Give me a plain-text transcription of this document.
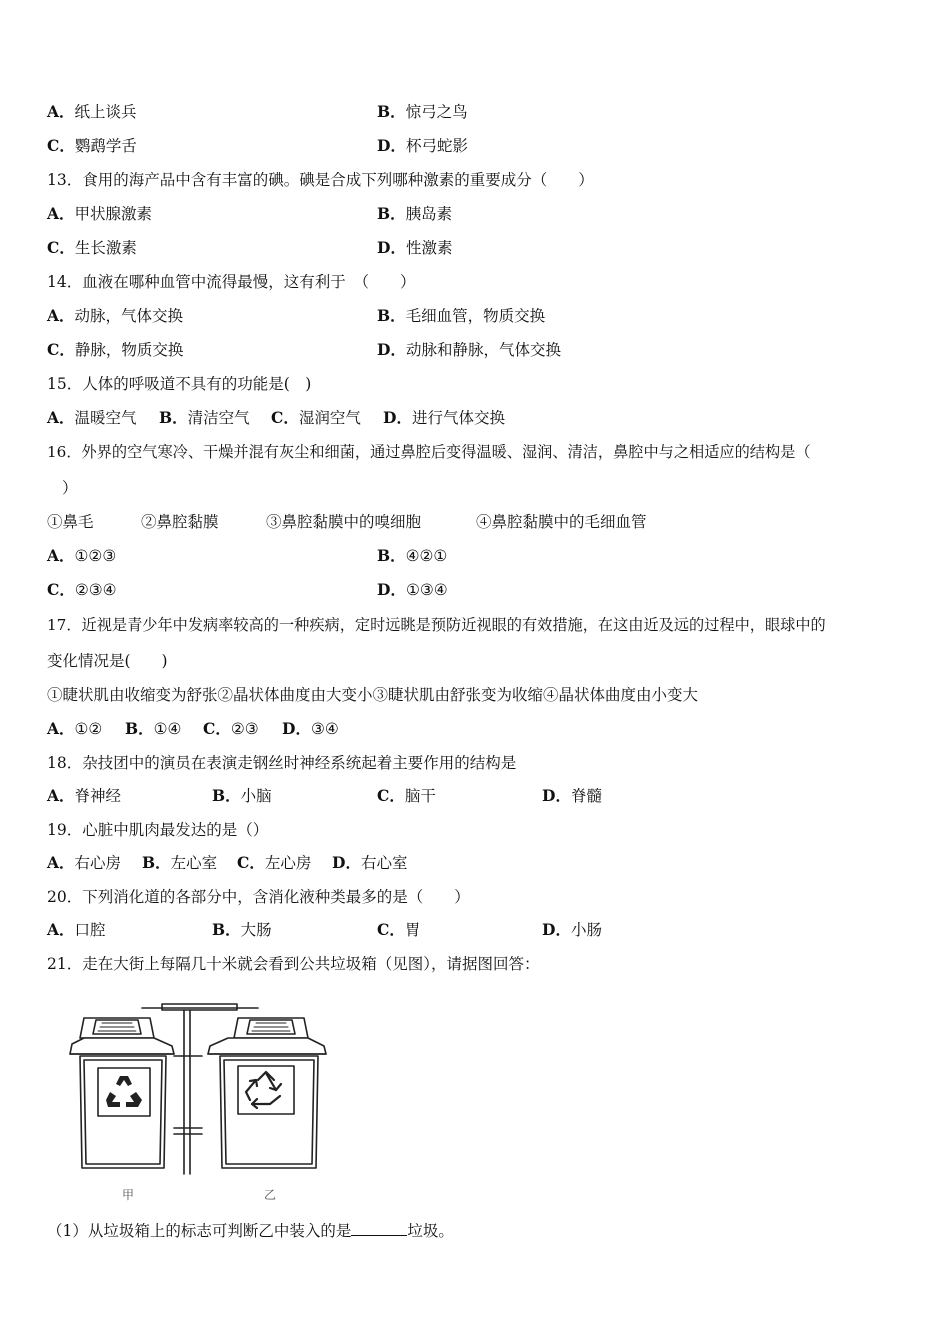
A．纸上谈兵	B．惊弓之鸟
C．鹦鹉学舌	D．杯弓蛇影
13．食用的海产品中含有丰富的碘。碘是合成下列哪种激素的重要成分（　　）
A．甲状腺激素	B．胰岛素
C．生长激素	D．性激素
14．血液在哪种血管中流得最慢，这有利于　（　　）
A．动脉，气体交换	B．毛细血管，物质交换
C．静脉，物质交换	D．动脉和静脉，气体交换
15．人体的呼吸道不具有的功能是(　)
A．温暖空气 B．清洁空气 C．湿润空气 D．进行气体交换
16．外界的空气寒冷、干燥并混有灰尘和细菌，通过鼻腔后变得温暖、湿润、清洁，鼻腔中与之相适应的结构是（
）
①鼻毛	②鼻腔黏膜	③鼻腔黏膜中的嗅细胞	④鼻腔黏膜中的毛细血管
A．①②③	B．④②①
C．②③④	D．①③④
17．近视是青少年中发病率较高的一种疾病，定时远眺是预防近视眼的有效措施，在这由近及远的过程中，眼球中的
变化情况是(　　)
①睫状肌由收缩变为舒张②晶状体曲度由大变小③睫状肌由舒张变为收缩④晶状体曲度由小变大
A．①② B．①④ C．②③ D．③④
18．杂技团中的演员在表演走钢丝时神经系统起着主要作用的结构是
A．脊神经	B．小脑	C．脑干	D．脊髓
19．心脏中肌肉最发达的是（）
A．右心房 B．左心室 C．左心房 D．右心室
20．下列消化道的各部分中，含消化液种类最多的是（　　）
A．口腔	B．大肠	C．胃	D．小肠
21．走在大街上每隔几十米就会看到公共垃圾箱（见图），请据图回答：
甲	乙
（1）从垃圾箱上的标志可判断乙中装入的是	垃圾。
